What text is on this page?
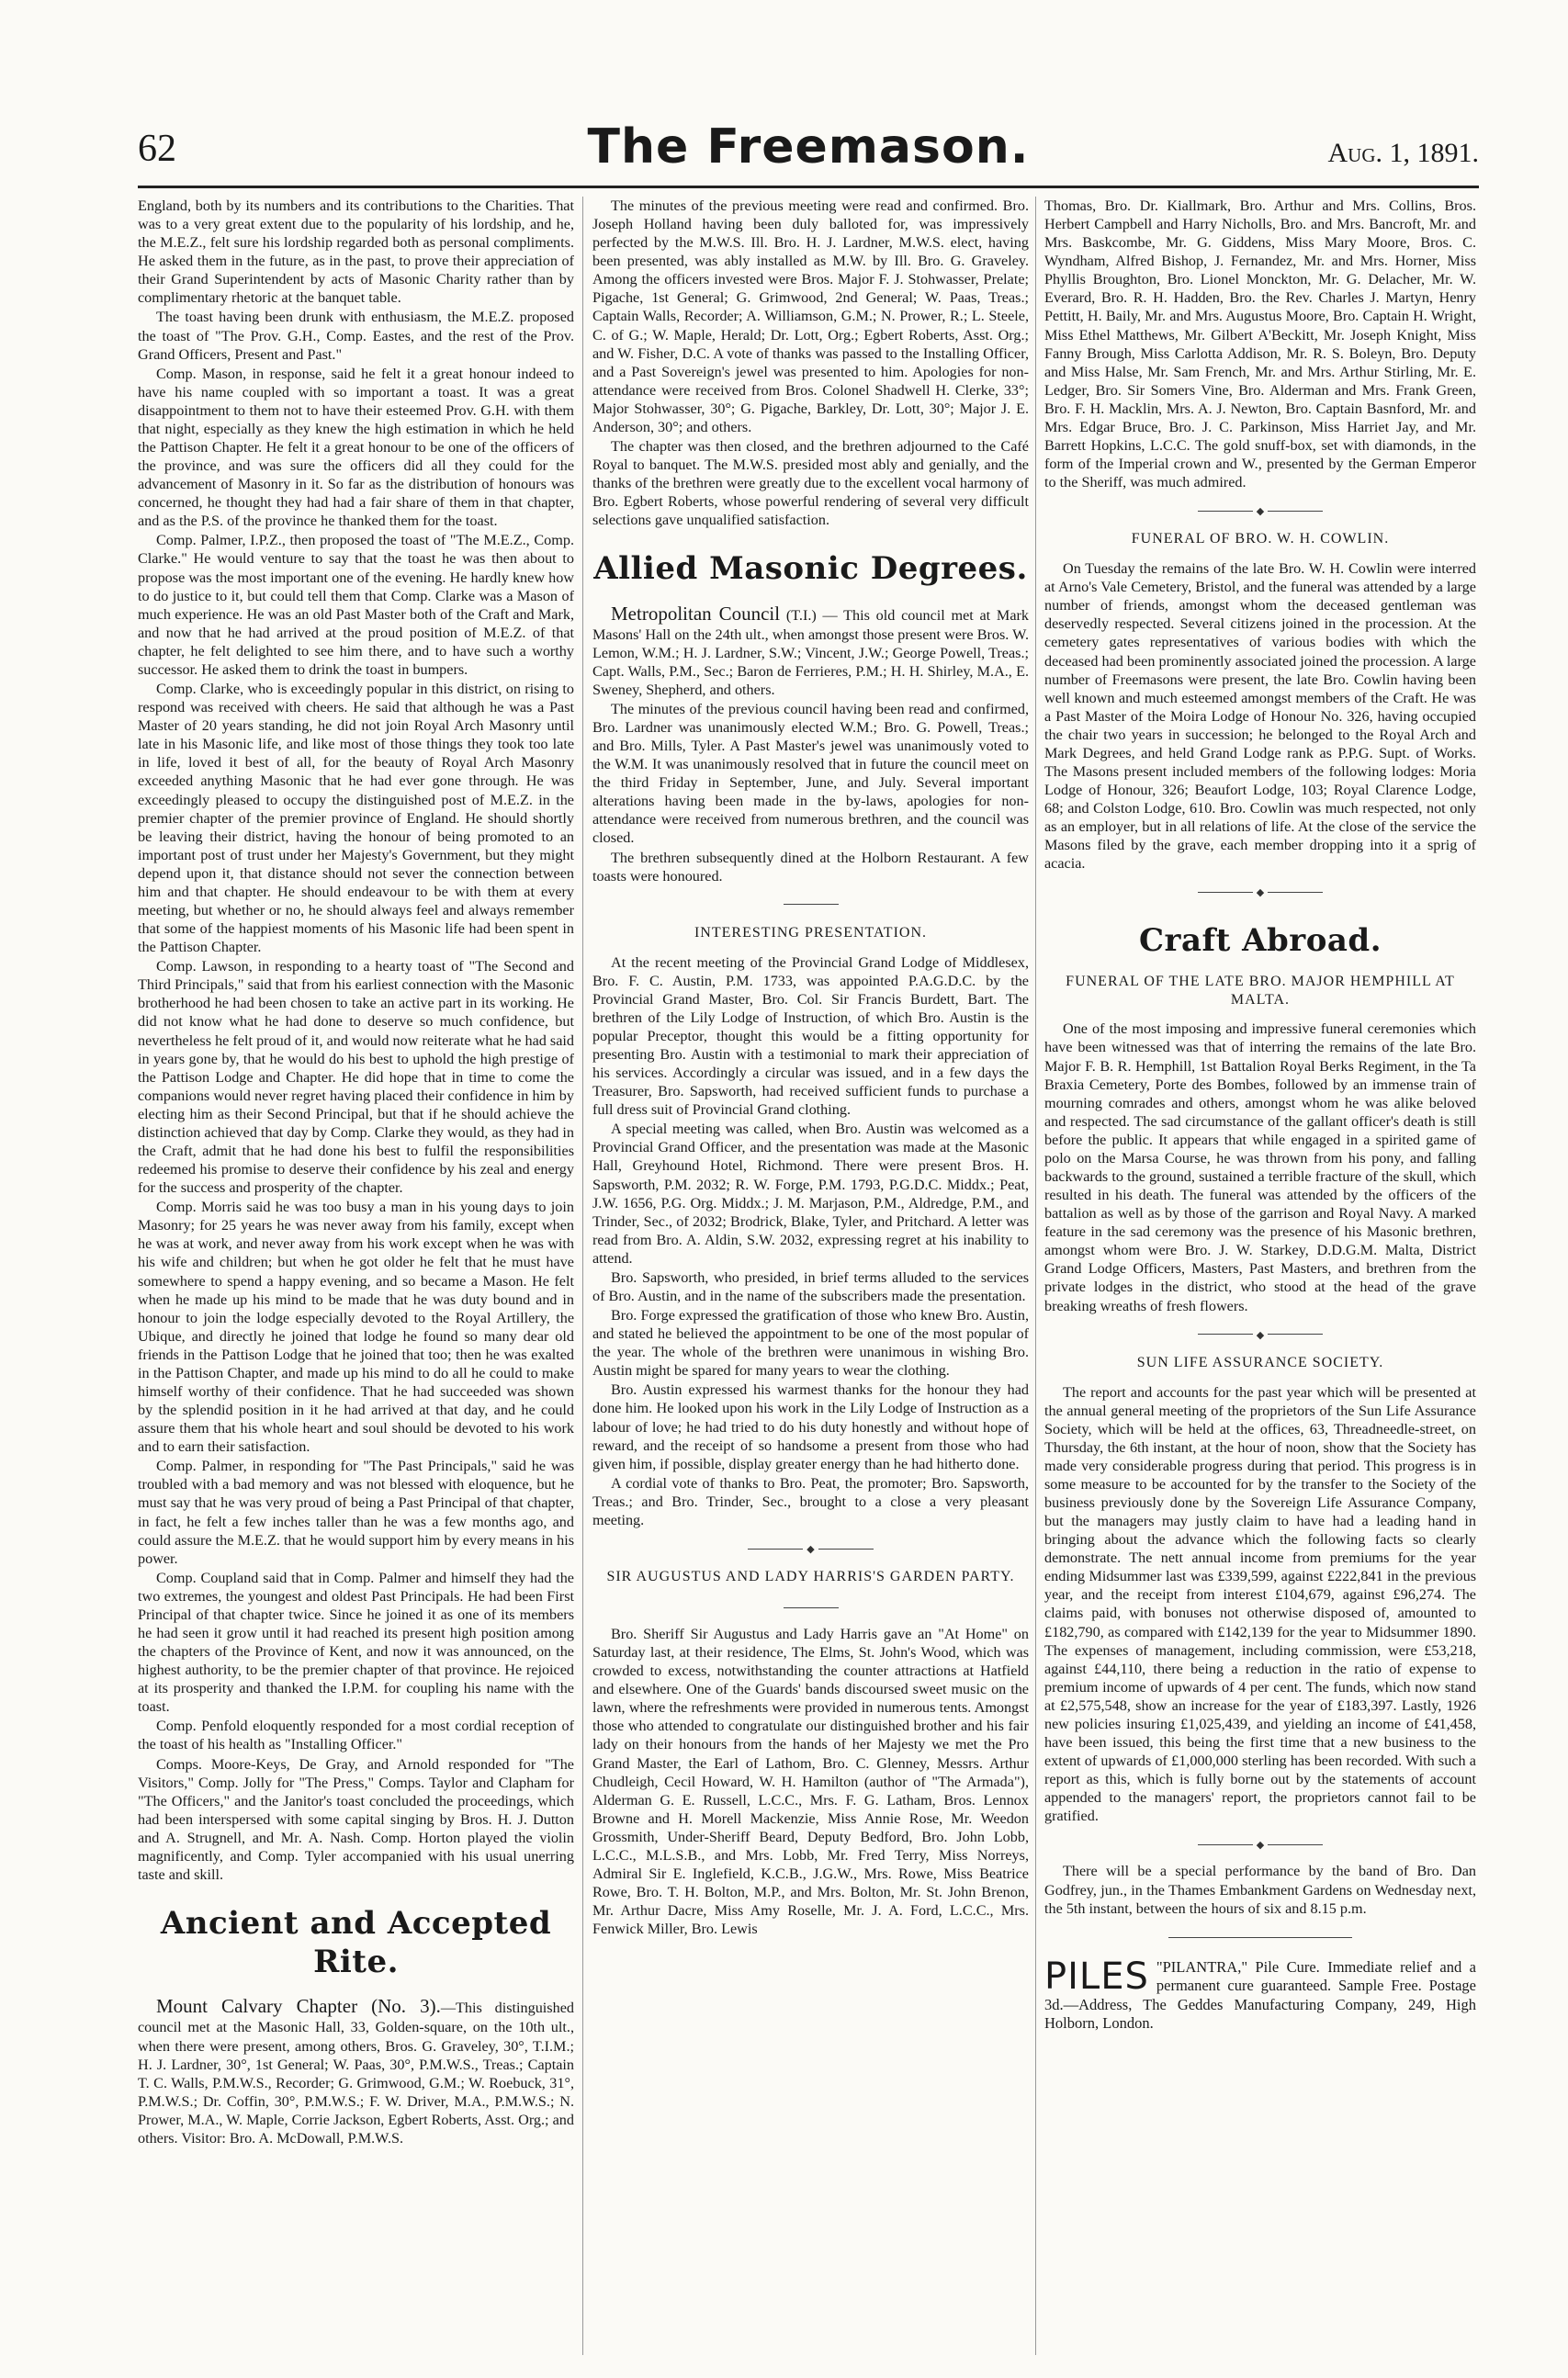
62	The Freemason.	Aug. 1, 1891.

England, both by its numbers and its contributions to the Charities. That was to a very great extent due to the popularity of his lordship, and he, the M.E.Z., felt sure his lordship regarded both as personal compliments. He asked them in the future, as in the past, to prove their appreciation of their Grand Superintendent by acts of Masonic Charity rather than by complimentary rhetoric at the banquet table.

The toast having been drunk with enthusiasm, the M.E.Z. proposed the toast of "The Prov. G.H., Comp. Eastes, and the rest of the Prov. Grand Officers, Present and Past."

Comp. Mason, in response, said he felt it a great honour indeed to have his name coupled with so important a toast. It was a great disappointment to them not to have their esteemed Prov. G.H. with them that night, especially as they knew the high estimation in which he held the Pattison Chapter. He felt it a great honour to be one of the officers of the province, and was sure the officers did all they could for the advancement of Masonry in it. So far as the distribution of honours was concerned, he thought they had had a fair share of them in that chapter, and as the P.S. of the province he thanked them for the toast.

Comp. Palmer, I.P.Z., then proposed the toast of "The M.E.Z., Comp. Clarke." He would venture to say that the toast he was then about to propose was the most important one of the evening. He hardly knew how to do justice to it, but could tell them that Comp. Clarke was a Mason of much experience. He was an old Past Master both of the Craft and Mark, and now that he had arrived at the proud position of M.E.Z. of that chapter, he felt delighted to see him there, and to have such a worthy successor. He asked them to drink the toast in bumpers.

Comp. Clarke, who is exceedingly popular in this district, on rising to respond was received with cheers. He said that although he was a Past Master of 20 years standing, he did not join Royal Arch Masonry until late in his Masonic life, and like most of those things they took too late in life, loved it best of all, for the beauty of Royal Arch Masonry exceeded anything Masonic that he had ever gone through. He was exceedingly pleased to occupy the distinguished post of M.E.Z. in the premier chapter of the premier province of England. He should shortly be leaving their district, having the honour of being promoted to an important post of trust under her Majesty's Government, but they might depend upon it, that distance should not sever the connection between him and that chapter. He should endeavour to be with them at every meeting, but whether or no, he should always feel and always remember that some of the happiest moments of his Masonic life had been spent in the Pattison Chapter.

Comp. Lawson, in responding to a hearty toast of "The Second and Third Principals," said that from his earliest connection with the Masonic brotherhood he had been chosen to take an active part in its working. He did not know what he had done to deserve so much confidence, but nevertheless he felt proud of it, and would now reiterate what he had said in years gone by, that he would do his best to uphold the high prestige of the Pattison Lodge and Chapter. He did hope that in time to come the companions would never regret having placed their confidence in him by electing him as their Second Principal, but that if he should achieve the distinction achieved that day by Comp. Clarke they would, as they had in the Craft, admit that he had done his best to fulfil the responsibilities redeemed his promise to deserve their confidence by his zeal and energy for the success and prosperity of the chapter.

Comp. Morris said he was too busy a man in his young days to join Masonry; for 25 years he was never away from his family, except when he was at work, and never away from his work except when he was with his wife and children; but when he got older he felt that he must have somewhere to spend a happy evening, and so became a Mason. He felt when he made up his mind to be made that he was duty bound and in honour to join the lodge especially devoted to the Royal Artillery, the Ubique, and directly he joined that lodge he found so many dear old friends in the Pattison Lodge that he joined that too; then he was exalted in the Pattison Chapter, and made up his mind to do all he could to make himself worthy of their confidence. That he had succeeded was shown by the splendid position in it he had arrived at that day, and he could assure them that his whole heart and soul should be devoted to his work and to earn their satisfaction.

Comp. Palmer, in responding for "The Past Principals," said he was troubled with a bad memory and was not blessed with eloquence, but he must say that he was very proud of being a Past Principal of that chapter, in fact, he felt a few inches taller than he was a few months ago, and could assure the M.E.Z. that he would support him by every means in his power.

Comp. Coupland said that in Comp. Palmer and himself they had the two extremes, the youngest and oldest Past Principals. He had been First Principal of that chapter twice. Since he joined it as one of its members he had seen it grow until it had reached its present high position among the chapters of the Province of Kent, and now it was announced, on the highest authority, to be the premier chapter of that province. He rejoiced at its prosperity and thanked the I.P.M. for coupling his name with the toast.

Comp. Penfold eloquently responded for a most cordial reception of the toast of his health as "Installing Officer."

Comps. Moore-Keys, De Gray, and Arnold responded for "The Visitors," Comp. Jolly for "The Press," Comps. Taylor and Clapham for "The Officers," and the Janitor's toast concluded the proceedings, which had been interspersed with some capital singing by Bros. H. J. Dutton and A. Strugnell, and Mr. A. Nash. Comp. Horton played the violin magnificently, and Comp. Tyler accompanied with his usual unerring taste and skill.

Ancient and Accepted Rite.

Mount Calvary Chapter (No. 3).—This distinguished council met at the Masonic Hall, 33, Golden-square, on the 10th ult., when there were present, among others, Bros. G. Graveley, 30°, T.I.M.; H. J. Lardner, 30°, 1st General; W. Paas, 30°, P.M.W.S., Treas.; Captain T. C. Walls, P.M.W.S., Recorder; G. Grimwood, G.M.; W. Roebuck, 31°, P.M.W.S.; Dr. Coffin, 30°, P.M.W.S.; F. W. Driver, M.A., P.M.W.S.; N. Prower, M.A., W. Maple, Corrie Jackson, Egbert Roberts, Asst. Org.; and others. Visitor: Bro. A. McDowall, P.M.W.S.

The minutes of the previous meeting were read and confirmed. Bro. Joseph Holland having been duly balloted for, was impressively perfected by the M.W.S. Ill. Bro. H. J. Lardner, M.W.S. elect, having been presented, was ably installed as M.W. by Ill. Bro. G. Graveley. Among the officers invested were Bros. Major F. J. Stohwasser, Prelate; Pigache, 1st General; G. Grimwood, 2nd General; W. Paas, Treas.; Captain Walls, Recorder; A. Williamson, G.M.; N. Prower, R.; L. Steele, C. of G.; W. Maple, Herald; Dr. Lott, Org.; Egbert Roberts, Asst. Org.; and W. Fisher, D.C. A vote of thanks was passed to the Installing Officer, and a Past Sovereign's jewel was presented to him. Apologies for non-attendance were received from Bros. Colonel Shadwell H. Clerke, 33°; Major Stohwasser, 30°; G. Pigache, Barkley, Dr. Lott, 30°; Major J. E. Anderson, 30°; and others.

The chapter was then closed, and the brethren adjourned to the Café Royal to banquet. The M.W.S. presided most ably and genially, and the thanks of the brethren were greatly due to the excellent vocal harmony of Bro. Egbert Roberts, whose powerful rendering of several very difficult selections gave unqualified satisfaction.

Allied Masonic Degrees.

Metropolitan Council (T.I.) — This old council met at Mark Masons' Hall on the 24th ult., when amongst those present were Bros. W. Lemon, W.M.; H. J. Lardner, S.W.; Vincent, J.W.; George Powell, Treas.; Capt. Walls, P.M., Sec.; Baron de Ferrieres, P.M.; H. H. Shirley, M.A., E. Sweney, Shepherd, and others.

The minutes of the previous council having been read and confirmed, Bro. Lardner was unanimously elected W.M.; Bro. G. Powell, Treas.; and Bro. Mills, Tyler. A Past Master's jewel was unanimously voted to the W.M. It was unanimously resolved that in future the council meet on the third Friday in September, June, and July. Several important alterations having been made in the by-laws, apologies for non-attendance were received from numerous brethren, and the council was closed.

The brethren subsequently dined at the Holborn Restaurant. A few toasts were honoured.

INTERESTING PRESENTATION.

At the recent meeting of the Provincial Grand Lodge of Middlesex, Bro. F. C. Austin, P.M. 1733, was appointed P.A.G.D.C. by the Provincial Grand Master, Bro. Col. Sir Francis Burdett, Bart. The brethren of the Lily Lodge of Instruction, of which Bro. Austin is the popular Preceptor, thought this would be a fitting opportunity for presenting Bro. Austin with a testimonial to mark their appreciation of his services. Accordingly a circular was issued, and in a few days the Treasurer, Bro. Sapsworth, had received sufficient funds to purchase a full dress suit of Provincial Grand clothing.

A special meeting was called, when Bro. Austin was welcomed as a Provincial Grand Officer, and the presentation was made at the Masonic Hall, Greyhound Hotel, Richmond. There were present Bros. H. Sapsworth, P.M. 2032; R. W. Forge, P.M. 1793, P.G.D.C. Middx.; Peat, J.W. 1656, P.G. Org. Middx.; J. M. Marjason, P.M., Aldredge, P.M., and Trinder, Sec., of 2032; Brodrick, Blake, Tyler, and Pritchard. A letter was read from Bro. A. Aldin, S.W. 2032, expressing regret at his inability to attend.

Bro. Sapsworth, who presided, in brief terms alluded to the services of Bro. Austin, and in the name of the subscribers made the presentation.

Bro. Forge expressed the gratification of those who knew Bro. Austin, and stated he believed the appointment to be one of the most popular of the year. The whole of the brethren were unanimous in wishing Bro. Austin might be spared for many years to wear the clothing.

Bro. Austin expressed his warmest thanks for the honour they had done him. He looked upon his work in the Lily Lodge of Instruction as a labour of love; he had tried to do his duty honestly and without hope of reward, and the receipt of so handsome a present from those who had given him, if possible, display greater energy than he had hitherto done.

A cordial vote of thanks to Bro. Peat, the promoter; Bro. Sapsworth, Treas.; and Bro. Trinder, Sec., brought to a close a very pleasant meeting.

◆
SIR AUGUSTUS AND LADY HARRIS'S GARDEN PARTY.

Bro. Sheriff Sir Augustus and Lady Harris gave an "At Home" on Saturday last, at their residence, The Elms, St. John's Wood, which was crowded to excess, notwithstanding the counter attractions at Hatfield and elsewhere. One of the Guards' bands discoursed sweet music on the lawn, where the refreshments were provided in numerous tents. Amongst those who attended to congratulate our distinguished brother and his fair lady on their honours from the hands of her Majesty we met the Pro Grand Master, the Earl of Lathom, Bro. C. Glenney, Messrs. Arthur Chudleigh, Cecil Howard, W. H. Hamilton (author of "The Armada"), Alderman G. E. Russell, L.C.C., Mrs. F. G. Latham, Bros. Lennox Browne and H. Morell Mackenzie, Miss Annie Rose, Mr. Weedon Grossmith, Under-Sheriff Beard, Deputy Bedford, Bro. John Lobb, L.C.C., M.L.S.B., and Mrs. Lobb, Mr. Fred Terry, Miss Norreys, Admiral Sir E. Inglefield, K.C.B., J.G.W., Mrs. Rowe, Miss Beatrice Rowe, Bro. T. H. Bolton, M.P., and Mrs. Bolton, Mr. St. John Brenon, Mr. Arthur Dacre, Miss Amy Roselle, Mr. J. A. Ford, L.C.C., Mrs. Fenwick Miller, Bro. Lewis

Thomas, Bro. Dr. Kiallmark, Bro. Arthur and Mrs. Collins, Bros. Herbert Campbell and Harry Nicholls, Bro. and Mrs. Bancroft, Mr. and Mrs. Baskcombe, Mr. G. Giddens, Miss Mary Moore, Bros. C. Wyndham, Alfred Bishop, J. Fernandez, Mr. and Mrs. Horner, Miss Phyllis Broughton, Bro. Lionel Monckton, Mr. G. Delacher, Mr. W. Everard, Bro. R. H. Hadden, Bro. the Rev. Charles J. Martyn, Henry Pettitt, H. Baily, Mr. and Mrs. Augustus Moore, Bro. Captain H. Wright, Miss Ethel Matthews, Mr. Gilbert A'Beckitt, Mr. Joseph Knight, Miss Fanny Brough, Miss Carlotta Addison, Mr. R. S. Boleyn, Bro. Deputy and Miss Halse, Mr. Sam French, Mr. and Mrs. Arthur Stirling, Mr. E. Ledger, Bro. Sir Somers Vine, Bro. Alderman and Mrs. Frank Green, Bro. F. H. Macklin, Mrs. A. J. Newton, Bro. Captain Basnford, Mr. and Mrs. Edgar Bruce, Bro. J. C. Parkinson, Miss Harriet Jay, and Mr. Barrett Hopkins, L.C.C. The gold snuff-box, set with diamonds, in the form of the Imperial crown and W., presented by the German Emperor to the Sheriff, was much admired.

◆
FUNERAL OF BRO. W. H. COWLIN.

On Tuesday the remains of the late Bro. W. H. Cowlin were interred at Arno's Vale Cemetery, Bristol, and the funeral was attended by a large number of friends, amongst whom the deceased gentleman was deservedly respected. Several citizens joined in the procession. At the cemetery gates representatives of various bodies with which the deceased had been prominently associated joined the procession. A large number of Freemasons were present, the late Bro. Cowlin having been well known and much esteemed amongst members of the Craft. He was a Past Master of the Moira Lodge of Honour No. 326, having occupied the chair two years in succession; he belonged to the Royal Arch and Mark Degrees, and held Grand Lodge rank as P.P.G. Supt. of Works. The Masons present included members of the following lodges: Moria Lodge of Honour, 326; Beaufort Lodge, 103; Royal Clarence Lodge, 68; and Colston Lodge, 610. Bro. Cowlin was much respected, not only as an employer, but in all relations of life. At the close of the service the Masons filed by the grave, each member dropping into it a sprig of acacia.

◆
Craft Abroad.
FUNERAL OF THE LATE BRO. MAJOR HEMPHILL AT MALTA.

One of the most imposing and impressive funeral ceremonies which have been witnessed was that of interring the remains of the late Bro. Major F. B. R. Hemphill, 1st Battalion Royal Berks Regiment, in the Ta Braxia Cemetery, Porte des Bombes, followed by an immense train of mourning comrades and others, amongst whom he was alike beloved and respected. The sad circumstance of the gallant officer's death is still before the public. It appears that while engaged in a spirited game of polo on the Marsa Course, he was thrown from his pony, and falling backwards to the ground, sustained a terrible fracture of the skull, which resulted in his death. The funeral was attended by the officers of the battalion as well as by those of the garrison and Royal Navy. A marked feature in the sad ceremony was the presence of his Masonic brethren, amongst whom were Bro. J. W. Starkey, D.D.G.M. Malta, District Grand Lodge Officers, Masters, Past Masters, and brethren from the private lodges in the district, who stood at the head of the grave breaking wreaths of fresh flowers.

◆
SUN LIFE ASSURANCE SOCIETY.

The report and accounts for the past year which will be presented at the annual general meeting of the proprietors of the Sun Life Assurance Society, which will be held at the offices, 63, Threadneedle-street, on Thursday, the 6th instant, at the hour of noon, show that the Society has made very considerable progress during that period. This progress is in some measure to be accounted for by the transfer to the Society of the business previously done by the Sovereign Life Assurance Company, but the managers may justly claim to have had a leading hand in bringing about the advance which the following facts so clearly demonstrate. The nett annual income from premiums for the year ending Midsummer last was £339,599, against £222,841 in the previous year, and the receipt from interest £104,679, against £96,274. The claims paid, with bonuses not otherwise disposed of, amounted to £182,790, as compared with £142,139 for the year to Midsummer 1890. The expenses of management, including commission, were £53,218, against £44,110, there being a reduction in the ratio of expense to premium income of upwards of 4 per cent. The funds, which now stand at £2,575,548, show an increase for the year of £183,397. Lastly, 1926 new policies insuring £1,025,439, and yielding an income of £41,458, have been issued, this being the first time that a new business to the extent of upwards of £1,000,000 sterling has been recorded. With such a report as this, which is fully borne out by the statements of account appended to the managers' report, the proprietors cannot fail to be gratified.

◆

There will be a special performance by the band of Bro. Dan Godfrey, jun., in the Thames Embankment Gardens on Wednesday next, the 5th instant, between the hours of six and 8.15 p.m.

PILES "PILANTRA," Pile Cure. Immediate relief and a permanent cure guaranteed. Sample Free. Postage 3d.—Address, The Geddes Manufacturing Company, 249, High Holborn, London.
